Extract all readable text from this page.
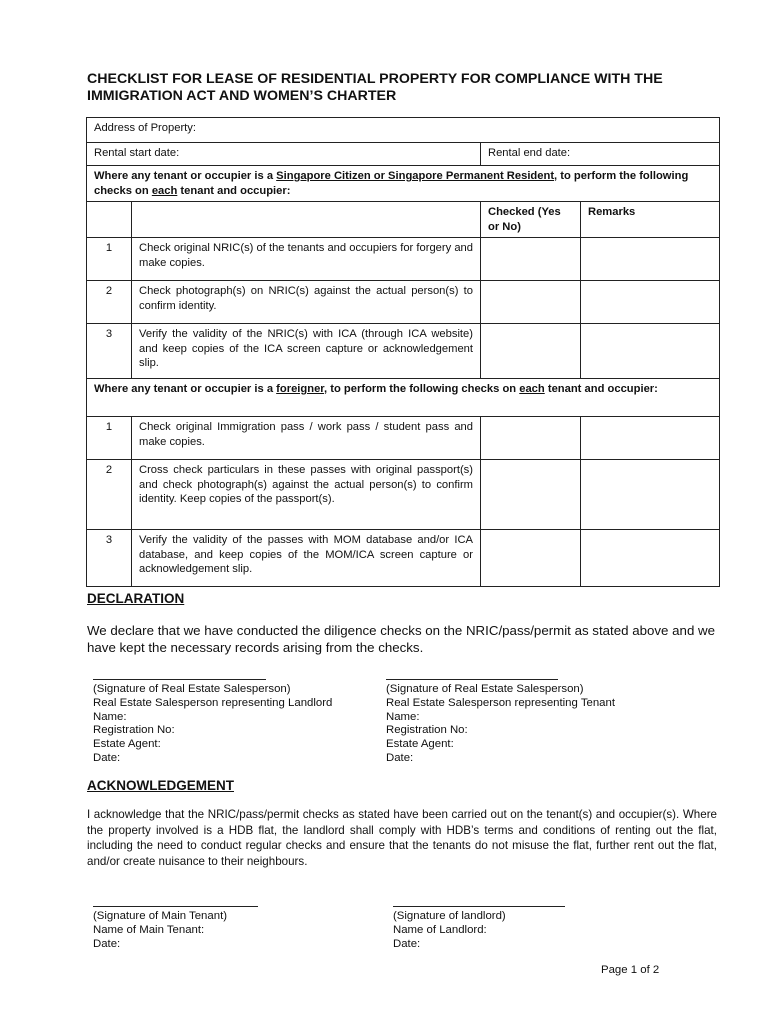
CHECKLIST FOR LEASE OF RESIDENTIAL PROPERTY FOR COMPLIANCE WITH THE IMMIGRATION ACT AND WOMEN’S CHARTER
Address of Property:			
Rental start date:		Rental end date:	
Where any tenant or occupier is a Singapore Citizen or Singapore Permanent Resident, to perform the following checks on each tenant and occupier:			
		Checked (Yes or No)	Remarks
1	Check original NRIC(s) of the tenants and occupiers for forgery and make copies.		
2	Check photograph(s) on NRIC(s) against the actual person(s) to confirm identity.		
3	Verify the validity of the NRIC(s) with ICA (through ICA website) and keep copies of the ICA screen capture or acknowledgement slip.		
Where any tenant or occupier is a foreigner, to perform the following checks on each tenant and occupier:			
1	Check original Immigration pass / work pass / student pass and make copies.		
2	Cross check particulars in these passes with original passport(s) and check photograph(s) against the actual person(s) to confirm identity. Keep copies of the passport(s).		
3	Verify the validity of the passes with MOM database and/or ICA database, and keep copies of the MOM/ICA screen capture or acknowledgement slip.		
DECLARATION

We declare that we have conducted the diligence checks on the NRIC/pass/permit as stated above and we have kept the necessary records arising from the checks.

(Signature of Real Estate Salesperson)
Real Estate Salesperson representing Landlord
Name:
Registration No:
Estate Agent:
Date:
(Signature of Real Estate Salesperson)
Real Estate Salesperson representing Tenant
Name:
Registration No:
Estate Agent:
Date:
ACKNOWLEDGEMENT

I acknowledge that the NRIC/pass/permit checks as stated have been carried out on the tenant(s) and occupier(s). Where the property involved is a HDB flat, the landlord shall comply with HDB’s terms and conditions of renting out the flat, including the need to conduct regular checks and ensure that the tenants do not misuse the flat, further rent out the flat, and/or create nuisance to their neighbours.

(Signature of Main Tenant)
Name of Main Tenant:
Date:
(Signature of landlord)
Name of Landlord:
Date:
Page 1 of 2
